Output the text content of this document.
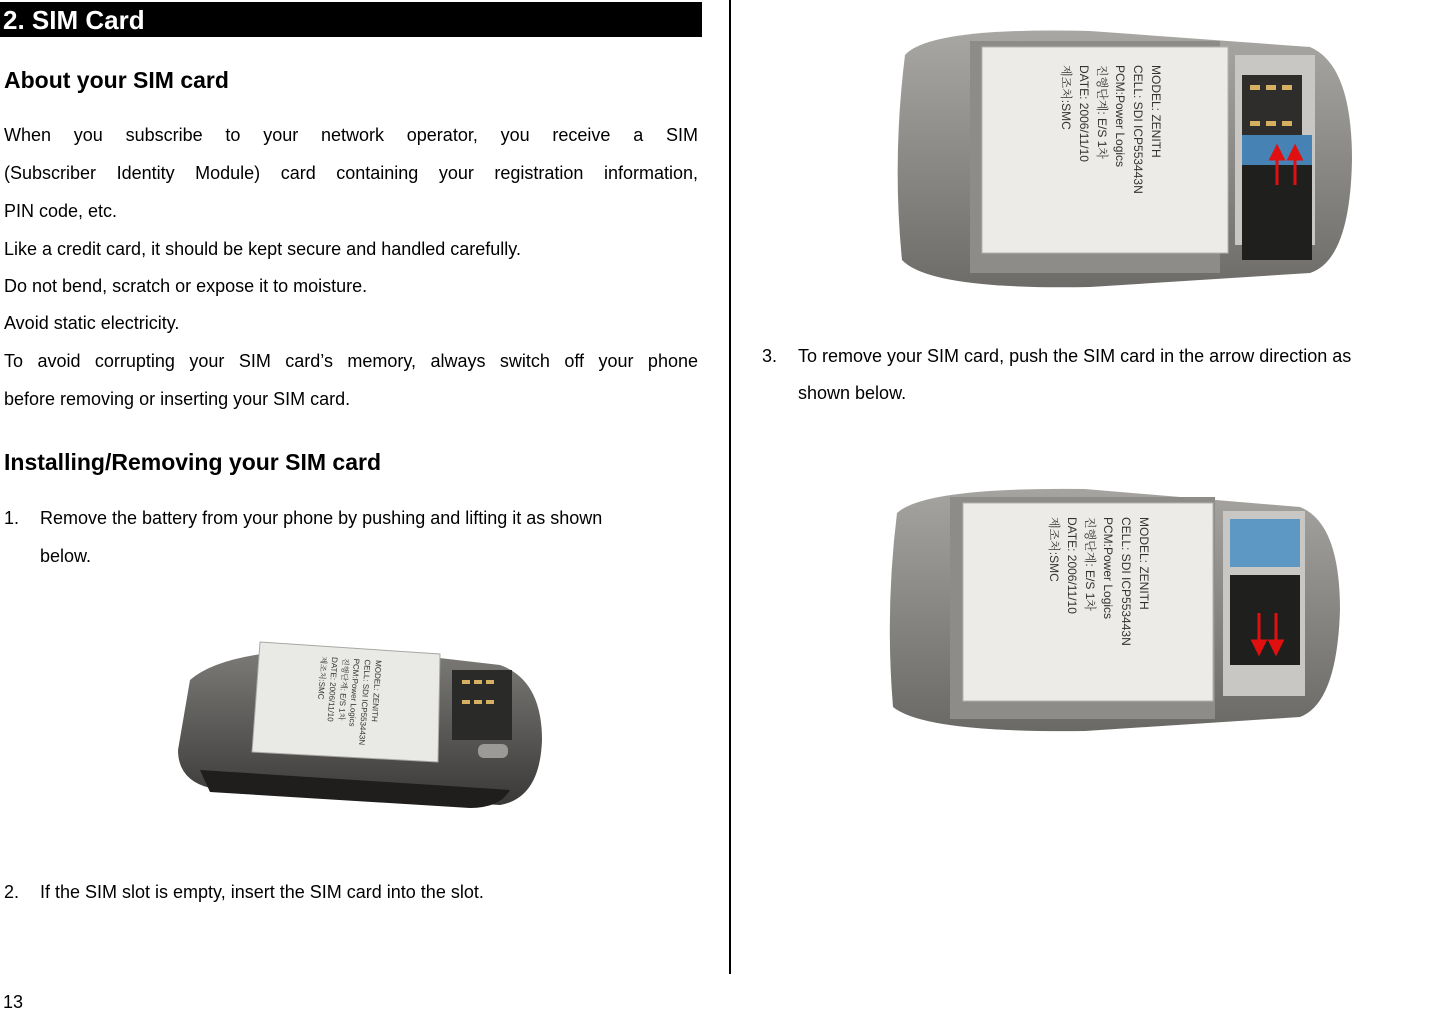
2. SIM Card
About your SIM card
When you subscribe to your network operator, you receive a SIM
(Subscriber Identity Module) card containing your registration information,
PIN code, etc.
Like a credit card, it should be kept secure and handled carefully.
Do not bend, scratch or expose it to moisture.
Avoid static electricity.
To avoid corrupting your SIM card’s memory, always switch off your phone
before removing or inserting your SIM card.
Installing/Removing your SIM card
1. Remove the battery from your phone by pushing and lifting it as shown
below.
MODEL: ZENITH
CELL: SDI ICP553443N
PCM:Power Logics
진행단계: E/S 1차
DATE: 2006/11/10
제조처:SMC
2. If the SIM slot is empty, insert the SIM card into the slot.
MODEL: ZENITH
CELL: SDI ICP553443N
PCM:Power Logics
진행단계: E/S 1차
DATE: 2006/11/10
제조처:SMC
3. To remove your SIM card, push the SIM card in the arrow direction as
shown below.
MODEL: ZENITH
CELL: SDI ICP553443N
PCM:Power Logics
진행단계: E/S 1차
DATE: 2006/11/10
제조처:SMC
13
